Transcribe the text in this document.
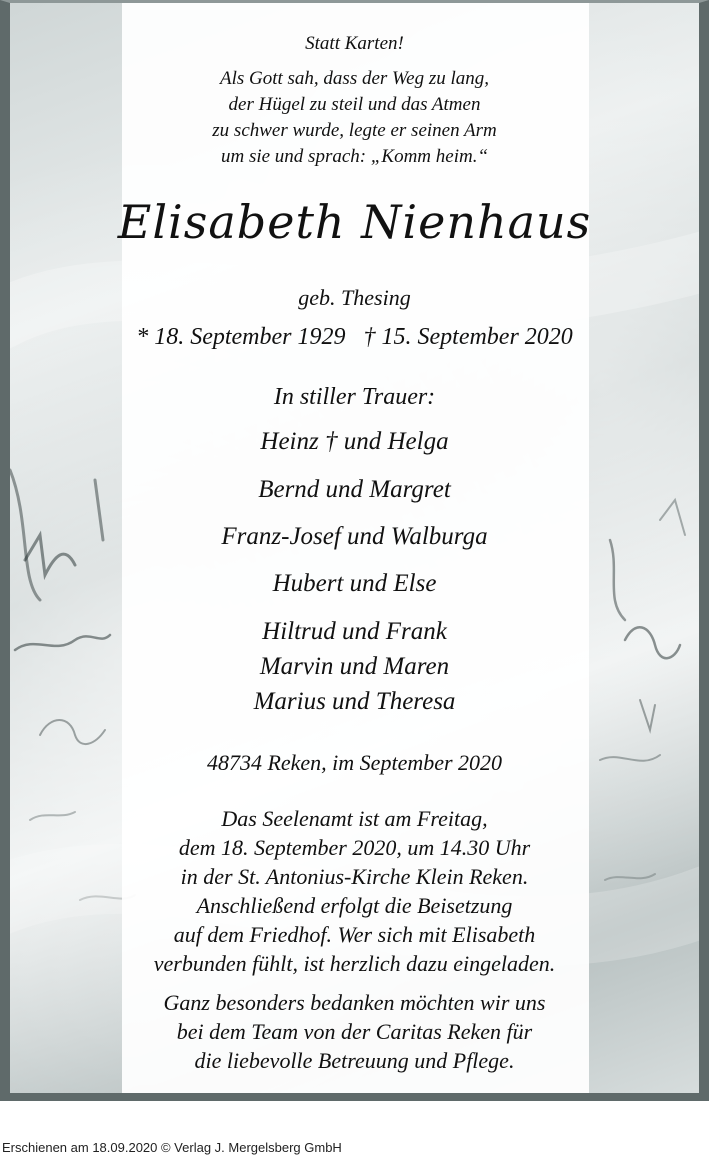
Statt Karten!
Als Gott sah, dass der Weg zu lang,
der Hügel zu steil und das Atmen
zu schwer wurde, legte er seinen Arm
um sie und sprach: „Komm heim.“
Elisabeth Nienhaus
geb. Thesing
* 18. September 1929   † 15. September 2020
In stiller Trauer:
Heinz † und Helga
Bernd und Margret
Franz-Josef und Walburga
Hubert und Else
Hiltrud und Frank
Marvin und Maren
Marius und Theresa
48734 Reken, im September 2020
Das Seelenamt ist am Freitag,
dem 18. September 2020, um 14.30 Uhr
in der St. Antonius-Kirche Klein Reken.
Anschließend erfolgt die Beisetzung
auf dem Friedhof. Wer sich mit Elisabeth
verbunden fühlt, ist herzlich dazu eingeladen.
Ganz besonders bedanken möchten wir uns
bei dem Team von der Caritas Reken für
die liebevolle Betreuung und Pflege.
Erschienen am 18.09.2020 © Verlag J. Mergelsberg GmbH
